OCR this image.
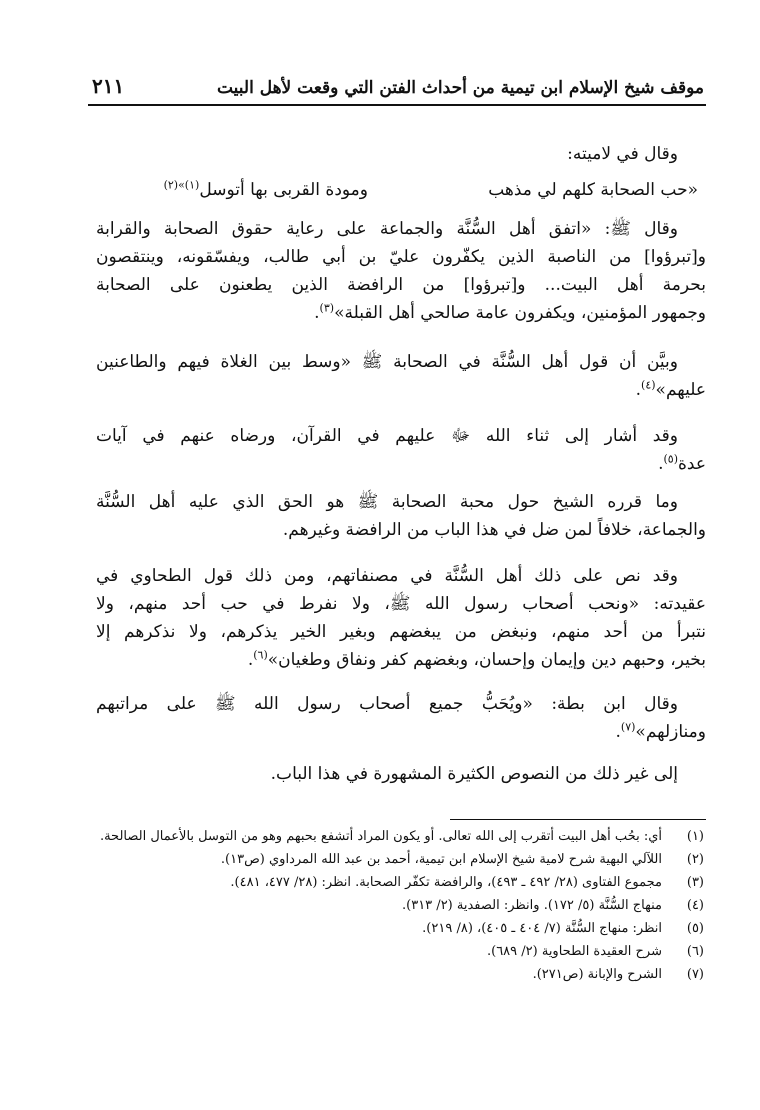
موقف شيخ الإسلام ابن تيمية من أحداث الفتن التي وقعت لأهل البيت
٢١١
وقال في لاميته:
«حب الصحابة كلهم لي مذهب
ومودة القربى بها أتوسل$^{(١)»(٢)}$
وقال ﷺ: «اتفق أهل السُّنَّة والجماعة على رعاية حقوق الصحابة والقرابة
و[تبرؤوا] من الناصبة الذين يكفّرون عليّ بن أبي طالب، ويفسّقونه، وينتقصون
بحرمة أهل البيت... و[تبرؤوا] من الرافضة الذين يطعنون على الصحابة
وجمهور المؤمنين، ويكفرون عامة صالحي أهل القبلة»$^{(٣)}$.
وبيَّن أن قول أهل السُّنَّة في الصحابة ﷺ «وسط بين الغلاة فيهم والطاعنين
عليهم»$^{(٤)}$.
وقد أشار إلى ثناء الله ﷻ عليهم في القرآن، ورضاه عنهم في آيات
عدة$^{(٥)}$.
وما قرره الشيخ حول محبة الصحابة ﷺ هو الحق الذي عليه أهل السُّنَّة
والجماعة، خلافاً لمن ضل في هذا الباب من الرافضة وغيرهم.
وقد نص على ذلك أهل السُّنَّة في مصنفاتهم، ومن ذلك قول الطحاوي في
عقيدته: «ونحب أصحاب رسول الله ﷺ، ولا نفرط في حب أحد منهم، ولا
نتبرأ من أحد منهم، ونبغض من يبغضهم وبغير الخير يذكرهم، ولا نذكرهم إلا
بخير، وحبهم دين وإيمان وإحسان، وبغضهم كفر ونفاق وطغيان»$^{(٦)}$.
وقال ابن بطة: «ويُحَبُّ جميع أصحاب رسول الله ﷺ على مراتبهم
ومنازلهم»$^{(٧)}$.
إلى غير ذلك من النصوص الكثيرة المشهورة في هذا الباب.
(١)
أي: بحُب أهل البيت أتقرب إلى الله تعالى. أو يكون المراد أتشفع بحبهم وهو من التوسل بالأعمال الصالحة.
(٢)
اللآلي البهية شرح لامية شيخ الإسلام ابن تيمية، أحمد بن عبد الله المرداوي (ص١٣).
(٣)
مجموع الفتاوى (٢٨/ ٤٩٢ ـ ٤٩٣)، والرافضة تكفّر الصحابة. انظر: (٢٨/ ٤٧٧، ٤٨١).
(٤)
منهاج السُّنَّة (٥/ ١٧٢). وانظر: الصفدية (٢/ ٣١٣).
(٥)
انظر: منهاج السُّنَّة (٧/ ٤٠٤ ـ ٤٠٥)، (٨/ ٢١٩).
(٦)
شرح العقيدة الطحاوية (٢/ ٦٨٩).
(٧)
الشرح والإبانة (ص٢٧١).
